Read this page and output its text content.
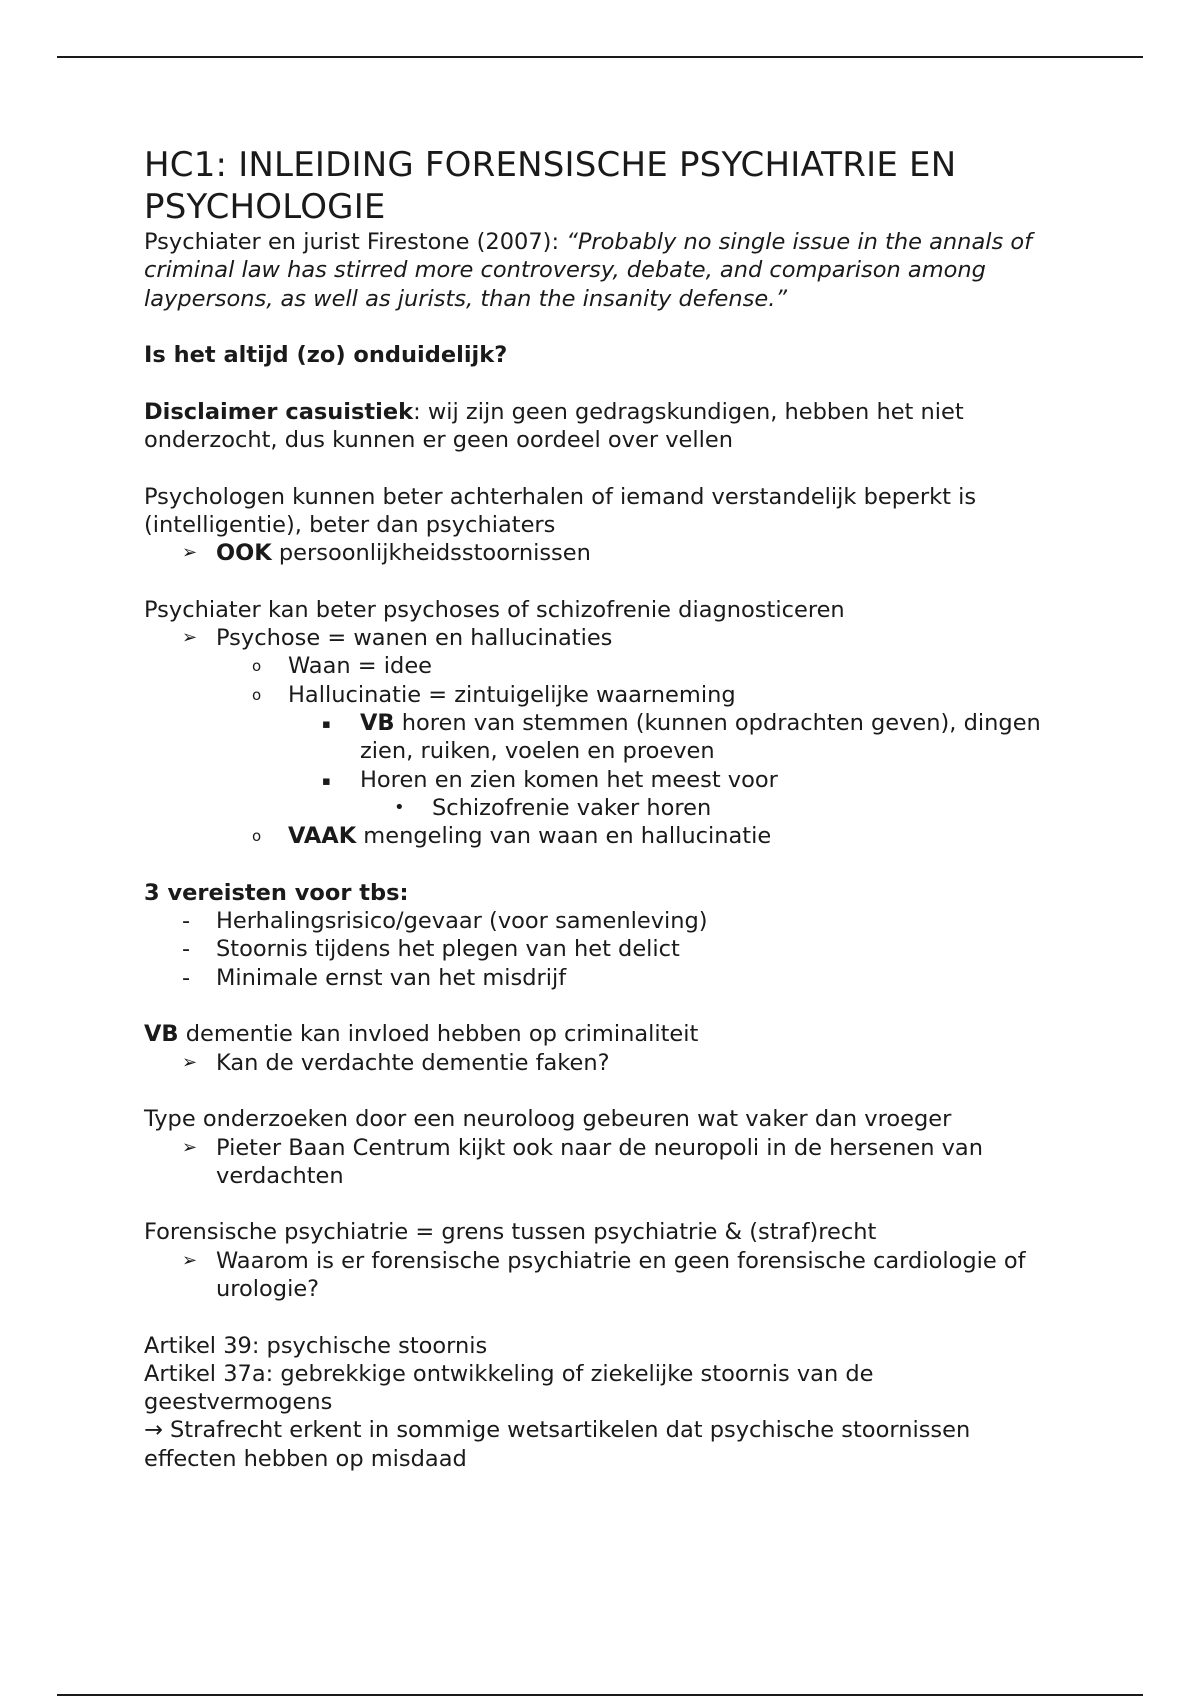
HC1: INLEIDING FORENSISCHE PSYCHIATRIE EN
PSYCHOLOGIE

Psychiater en jurist Firestone (2007): “Probably no single issue in the annals of criminal law has stirred more controversy, debate, and comparison among laypersons, as well as jurists, than the insanity defense.”

Is het altijd (zo) onduidelijk?

Disclaimer casuistiek: wij zijn geen gedragskundigen, hebben het niet onderzocht, dus kunnen er geen oordeel over vellen

Psychologen kunnen beter achterhalen of iemand verstandelijk beperkt is (intelligentie), beter dan psychiaters

➢ OOK persoonlijkheidsstoornissen

Psychiater kan beter psychoses of schizofrenie diagnosticeren

➢ Psychose = wanen en hallucinaties
o	Waan = idee
o	Hallucinatie = zintuigelijke waarneming
▪	VB horen van stemmen (kunnen opdrachten geven), dingen zien, ruiken, voelen en proeven
▪	Horen en zien komen het meest voor
•	Schizofrenie vaker horen
o	VAAK mengeling van waan en hallucinatie

3 vereisten voor tbs:

-	Herhalingsrisico/gevaar (voor samenleving)
-	Stoornis tijdens het plegen van het delict
-	Minimale ernst van het misdrijf

VB dementie kan invloed hebben op criminaliteit

➢ Kan de verdachte dementie faken?

Type onderzoeken door een neuroloog gebeuren wat vaker dan vroeger

➢ Pieter Baan Centrum kijkt ook naar de neuropoli in de hersenen van verdachten

Forensische psychiatrie = grens tussen psychiatrie & (straf)recht

➢ Waarom is er forensische psychiatrie en geen forensische cardiologie of urologie?

Artikel 39: psychische stoornis

Artikel 37a: gebrekkige ontwikkeling of ziekelijke stoornis van de geestvermogens

→ Strafrecht erkent in sommige wetsartikelen dat psychische stoornissen effecten hebben op misdaad
